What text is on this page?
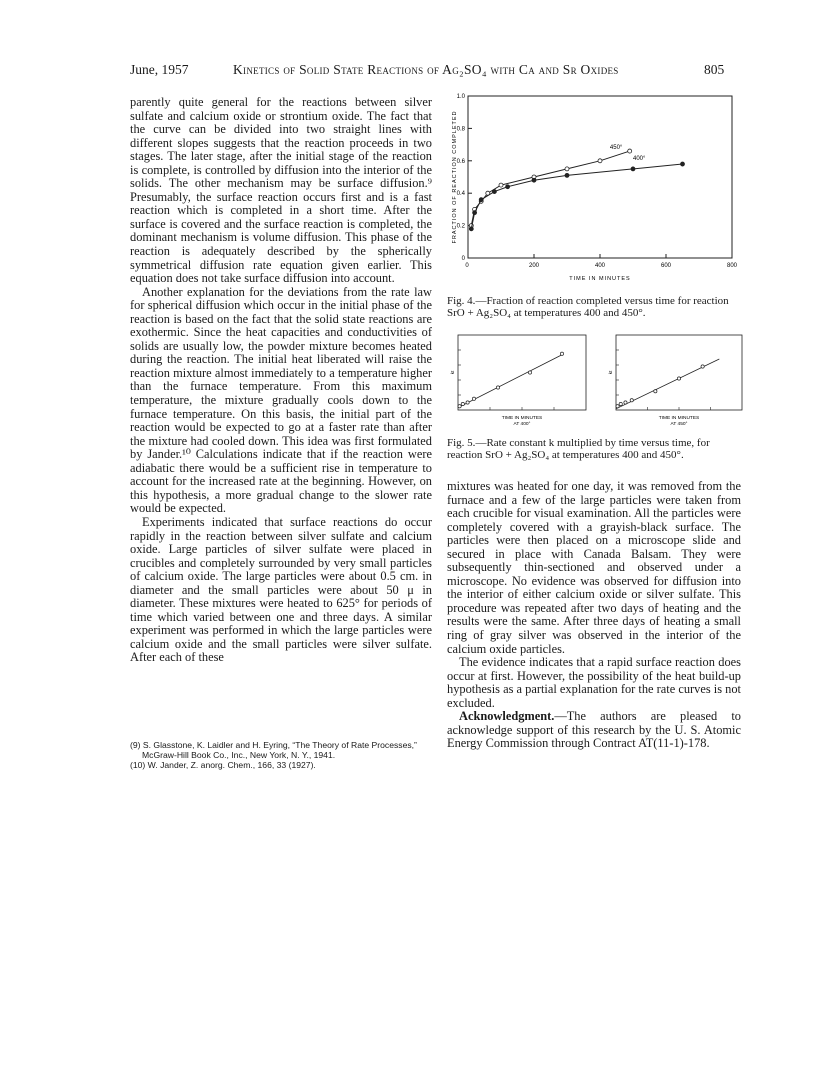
June, 1957	Kinetics of Solid State Reactions of Ag₂SO₄ with Ca and Sr Oxides	805

parently quite general for the reactions between silver sulfate and calcium oxide or strontium oxide. The fact that the curve can be divided into two straight lines with different slopes suggests that the reaction proceeds in two stages. The later stage, after the initial stage of the reaction is complete, is controlled by diffusion into the interior of the solids. The other mechanism may be surface diffusion.⁹ Presumably, the surface reaction occurs first and is a fast reaction which is completed in a short time. After the surface is covered and the surface reaction is completed, the dominant mechanism is volume diffusion. This phase of the reaction is adequately described by the spherically symmetrical diffusion rate equation given earlier. This equation does not take surface diffusion into account.

Another explanation for the deviations from the rate law for spherical diffusion which occur in the initial phase of the reaction is based on the fact that the solid state reactions are exothermic. Since the heat capacities and conductivities of solids are usually low, the powder mixture becomes heated during the reaction. The initial heat liberated will raise the reaction mixture almost immediately to a temperature higher than the furnace temperature. From this maximum temperature, the mixture gradually cools down to the furnace temperature. On this basis, the initial part of the reaction would be expected to go at a faster rate than after the mixture had cooled down. This idea was first formulated by Jander.¹⁰ Calculations indicate that if the reaction were adiabatic there would be a sufficient rise in temperature to account for the increased rate at the beginning. However, on this hypothesis, a more gradual change to the slower rate would be expected.

Experiments indicated that surface reactions do occur rapidly in the reaction between silver sulfate and calcium oxide. Large particles of silver sulfate were placed in crucibles and completely surrounded by very small particles of calcium oxide. The large particles were about 0.5 cm. in diameter and the small particles were about 50 μ in diameter. These mixtures were heated to 625° for periods of time which varied between one and three days. A similar experiment was performed in which the large particles were calcium oxide and the small particles were silver sulfate. After each of these

(9) S. Glasstone, K. Laidler and H. Eyring, “The Theory of Rate Processes,” McGraw-Hill Book Co., Inc., New York, N. Y., 1941.

(10) W. Jander, Z. anorg. Chem., 166, 33 (1927).

0
0.2
0.4
0.6
0.8
1.0
200	400	600	800
0
TIME IN MINUTES
FRACTION OF REACTION COMPLETED	450°
400°
Fig. 4.—Fraction of reaction completed versus time for reaction SrO + Ag₂SO₄ at temperatures 400 and 450°.
TIME IN MINUTES
AT 400°
kt
TIME IN MINUTES
AT 450°
kt
Fig. 5.—Rate constant k multiplied by time versus time, for reaction SrO + Ag₂SO₄ at temperatures 400 and 450°.

mixtures was heated for one day, it was removed from the furnace and a few of the large particles were taken from each crucible for visual examination. All the particles were completely covered with a grayish-black surface. The particles were then placed on a microscope slide and secured in place with Canada Balsam. They were subsequently thin-sectioned and observed under a microscope. No evidence was observed for diffusion into the interior of either calcium oxide or silver sulfate. This procedure was repeated after two days of heating and the results were the same. After three days of heating a small ring of gray silver was observed in the interior of the calcium oxide particles.

The evidence indicates that a rapid surface reaction does occur at first. However, the possibility of the heat build-up hypothesis as a partial explanation for the rate curves is not excluded.

Acknowledgment.—The authors are pleased to acknowledge support of this research by the U. S. Atomic Energy Commission through Contract AT(11-1)-178.
